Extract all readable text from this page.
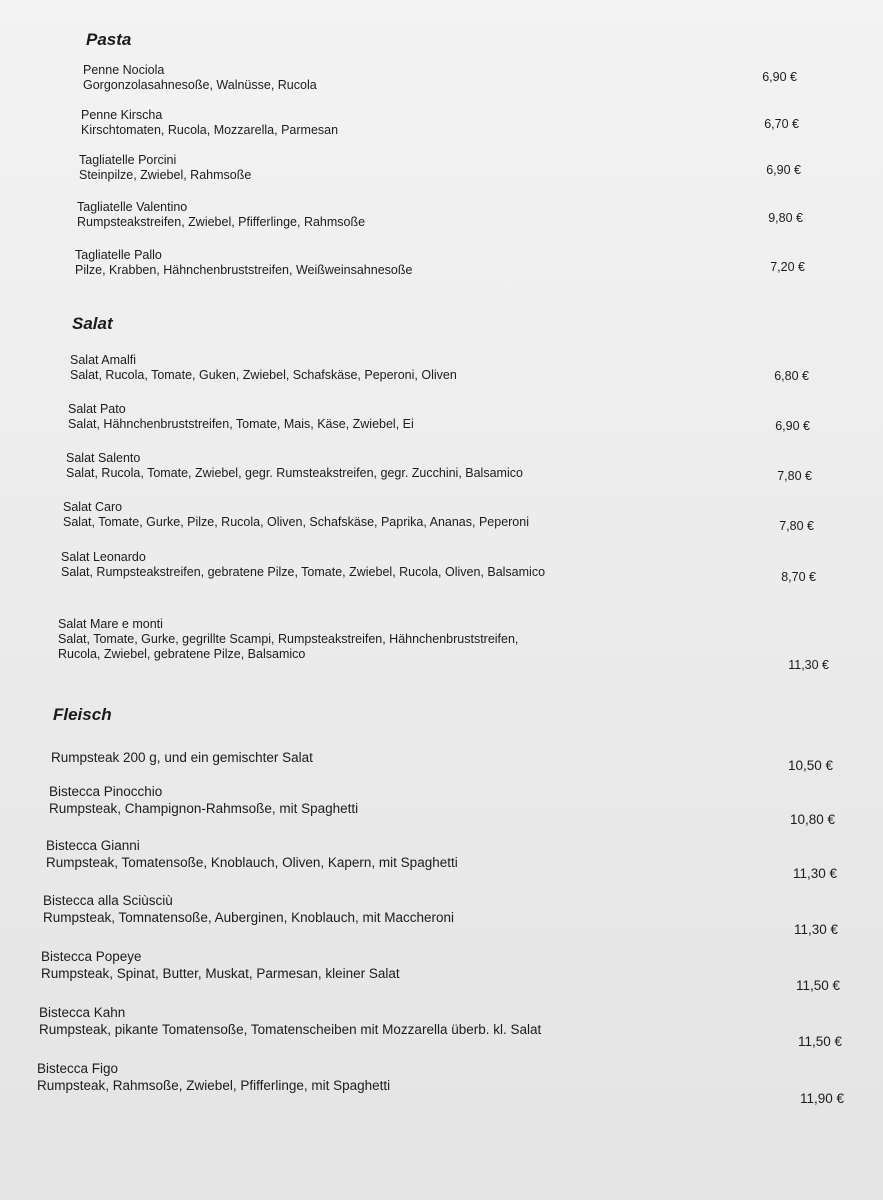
Pasta
Penne Nociola
Gorgonzolasahnesoße, Walnüsse, Rucola
6,90 €
Penne Kirscha
Kirschtomaten, Rucola, Mozzarella, Parmesan	6,70 €
Tagliatelle Porcini
Steinpilze, Zwiebel, Rahmsoße	6,90 €
Tagliatelle Valentino
Rumpsteakstreifen, Zwiebel, Pfifferlinge, Rahmsoße	9,80 €
Tagliatelle Pallo
Pilze, Krabben, Hähnchenbruststreifen, Weißweinsahnesoße	7,20 €
Salat
Salat Amalfi
Salat, Rucola, Tomate, Guken, Zwiebel, Schafskäse, Peperoni, Oliven	6,80 €
Salat Pato
Salat, Hähnchenbruststreifen, Tomate, Mais, Käse, Zwiebel, Ei	6,90 €
Salat Salento
Salat, Rucola, Tomate, Zwiebel, gegr. Rumsteakstreifen, gegr. Zucchini, Balsamico	7,80 €
Salat Caro
Salat, Tomate, Gurke, Pilze, Rucola, Oliven, Schafskäse, Paprika, Ananas, Peperoni	7,80 €
Salat Leonardo
Salat, Rumpsteakstreifen, gebratene Pilze, Tomate, Zwiebel, Rucola, Oliven, Balsamico	8,70 €
Salat Mare e monti
Salat, Tomate, Gurke, gegrillte Scampi, Rumpsteakstreifen, Hähnchenbruststreifen,
Rucola, Zwiebel, gebratene Pilze, Balsamico
11,30 €
Fleisch
Rumpsteak 200 g, und ein gemischter Salat
10,50 €
Bistecca Pinocchio
Rumpsteak, Champignon-Rahmsoße, mit Spaghetti
10,80 €
Bistecca Gianni
Rumpsteak, Tomatensoße, Knoblauch, Oliven, Kapern, mit Spaghetti
11,30 €
Bistecca alla Sciùsciù
Rumpsteak, Tomnatensoße, Auberginen, Knoblauch, mit Maccheroni
11,30 €
Bistecca Popeye
Rumpsteak, Spinat, Butter, Muskat, Parmesan, kleiner Salat
11,50 €
Bistecca Kahn
Rumpsteak, pikante Tomatensoße, Tomatenscheiben mit Mozzarella überb. kl. Salat
11,50 €
Bistecca Figo
Rumpsteak, Rahmsoße, Zwiebel, Pfifferlinge, mit Spaghetti
11,90 €
